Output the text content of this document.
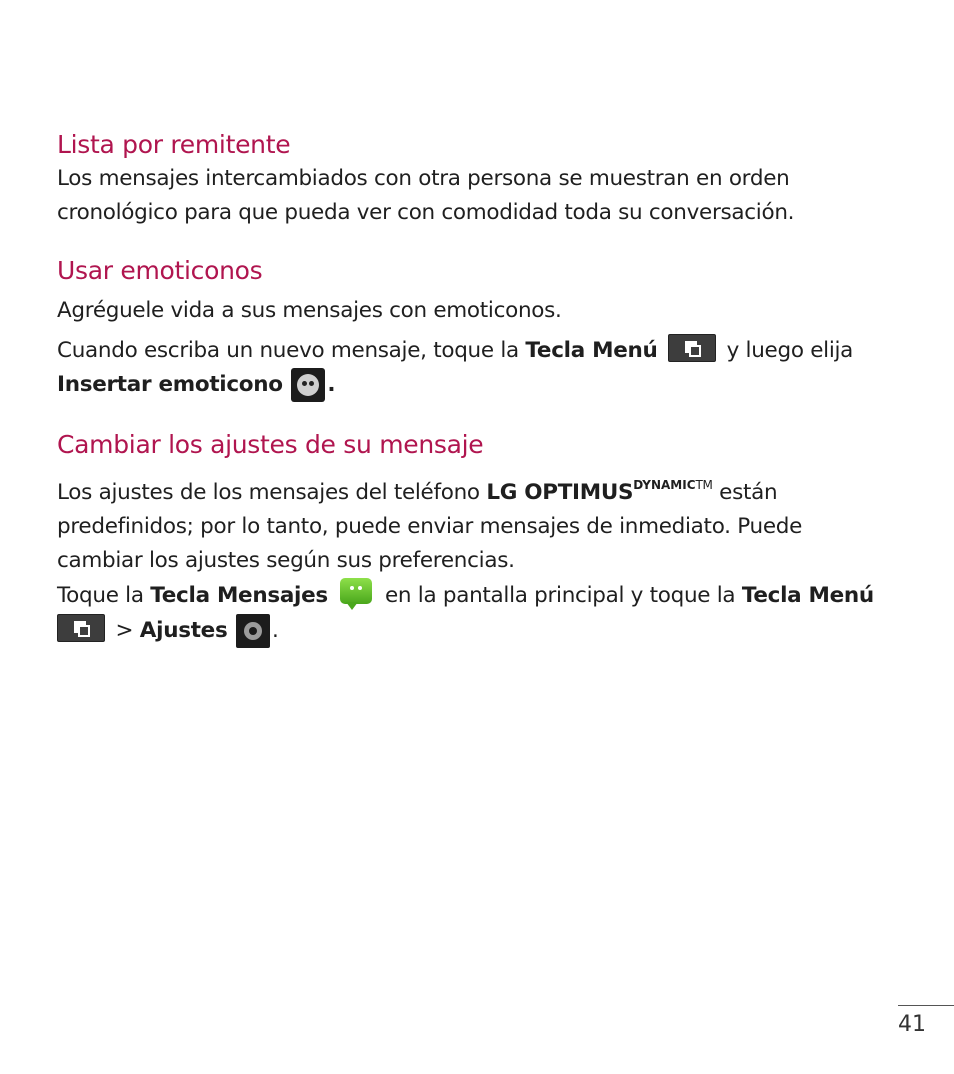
Lista por remitente

Los mensajes intercambiados con otra persona se muestran en orden cronológico para que pueda ver con comodidad toda su conversación.

Usar emoticonos

Agréguele vida a sus mensajes con emoticonos.

Cuando escriba un nuevo mensaje, toque la Tecla Menú	y luego elija Insertar emoticono .

Cambiar los ajustes de su mensaje

Los ajustes de los mensajes del teléfono LG $OPTIMUS^{DYNAMICTM}$ están predefinidos; por lo tanto, puede enviar mensajes de inmediato. Puede cambiar los ajustes según sus preferencias.

Toque la Tecla Mensajes
en la pantalla principal y toque la Tecla Menú
> Ajustes .

41
